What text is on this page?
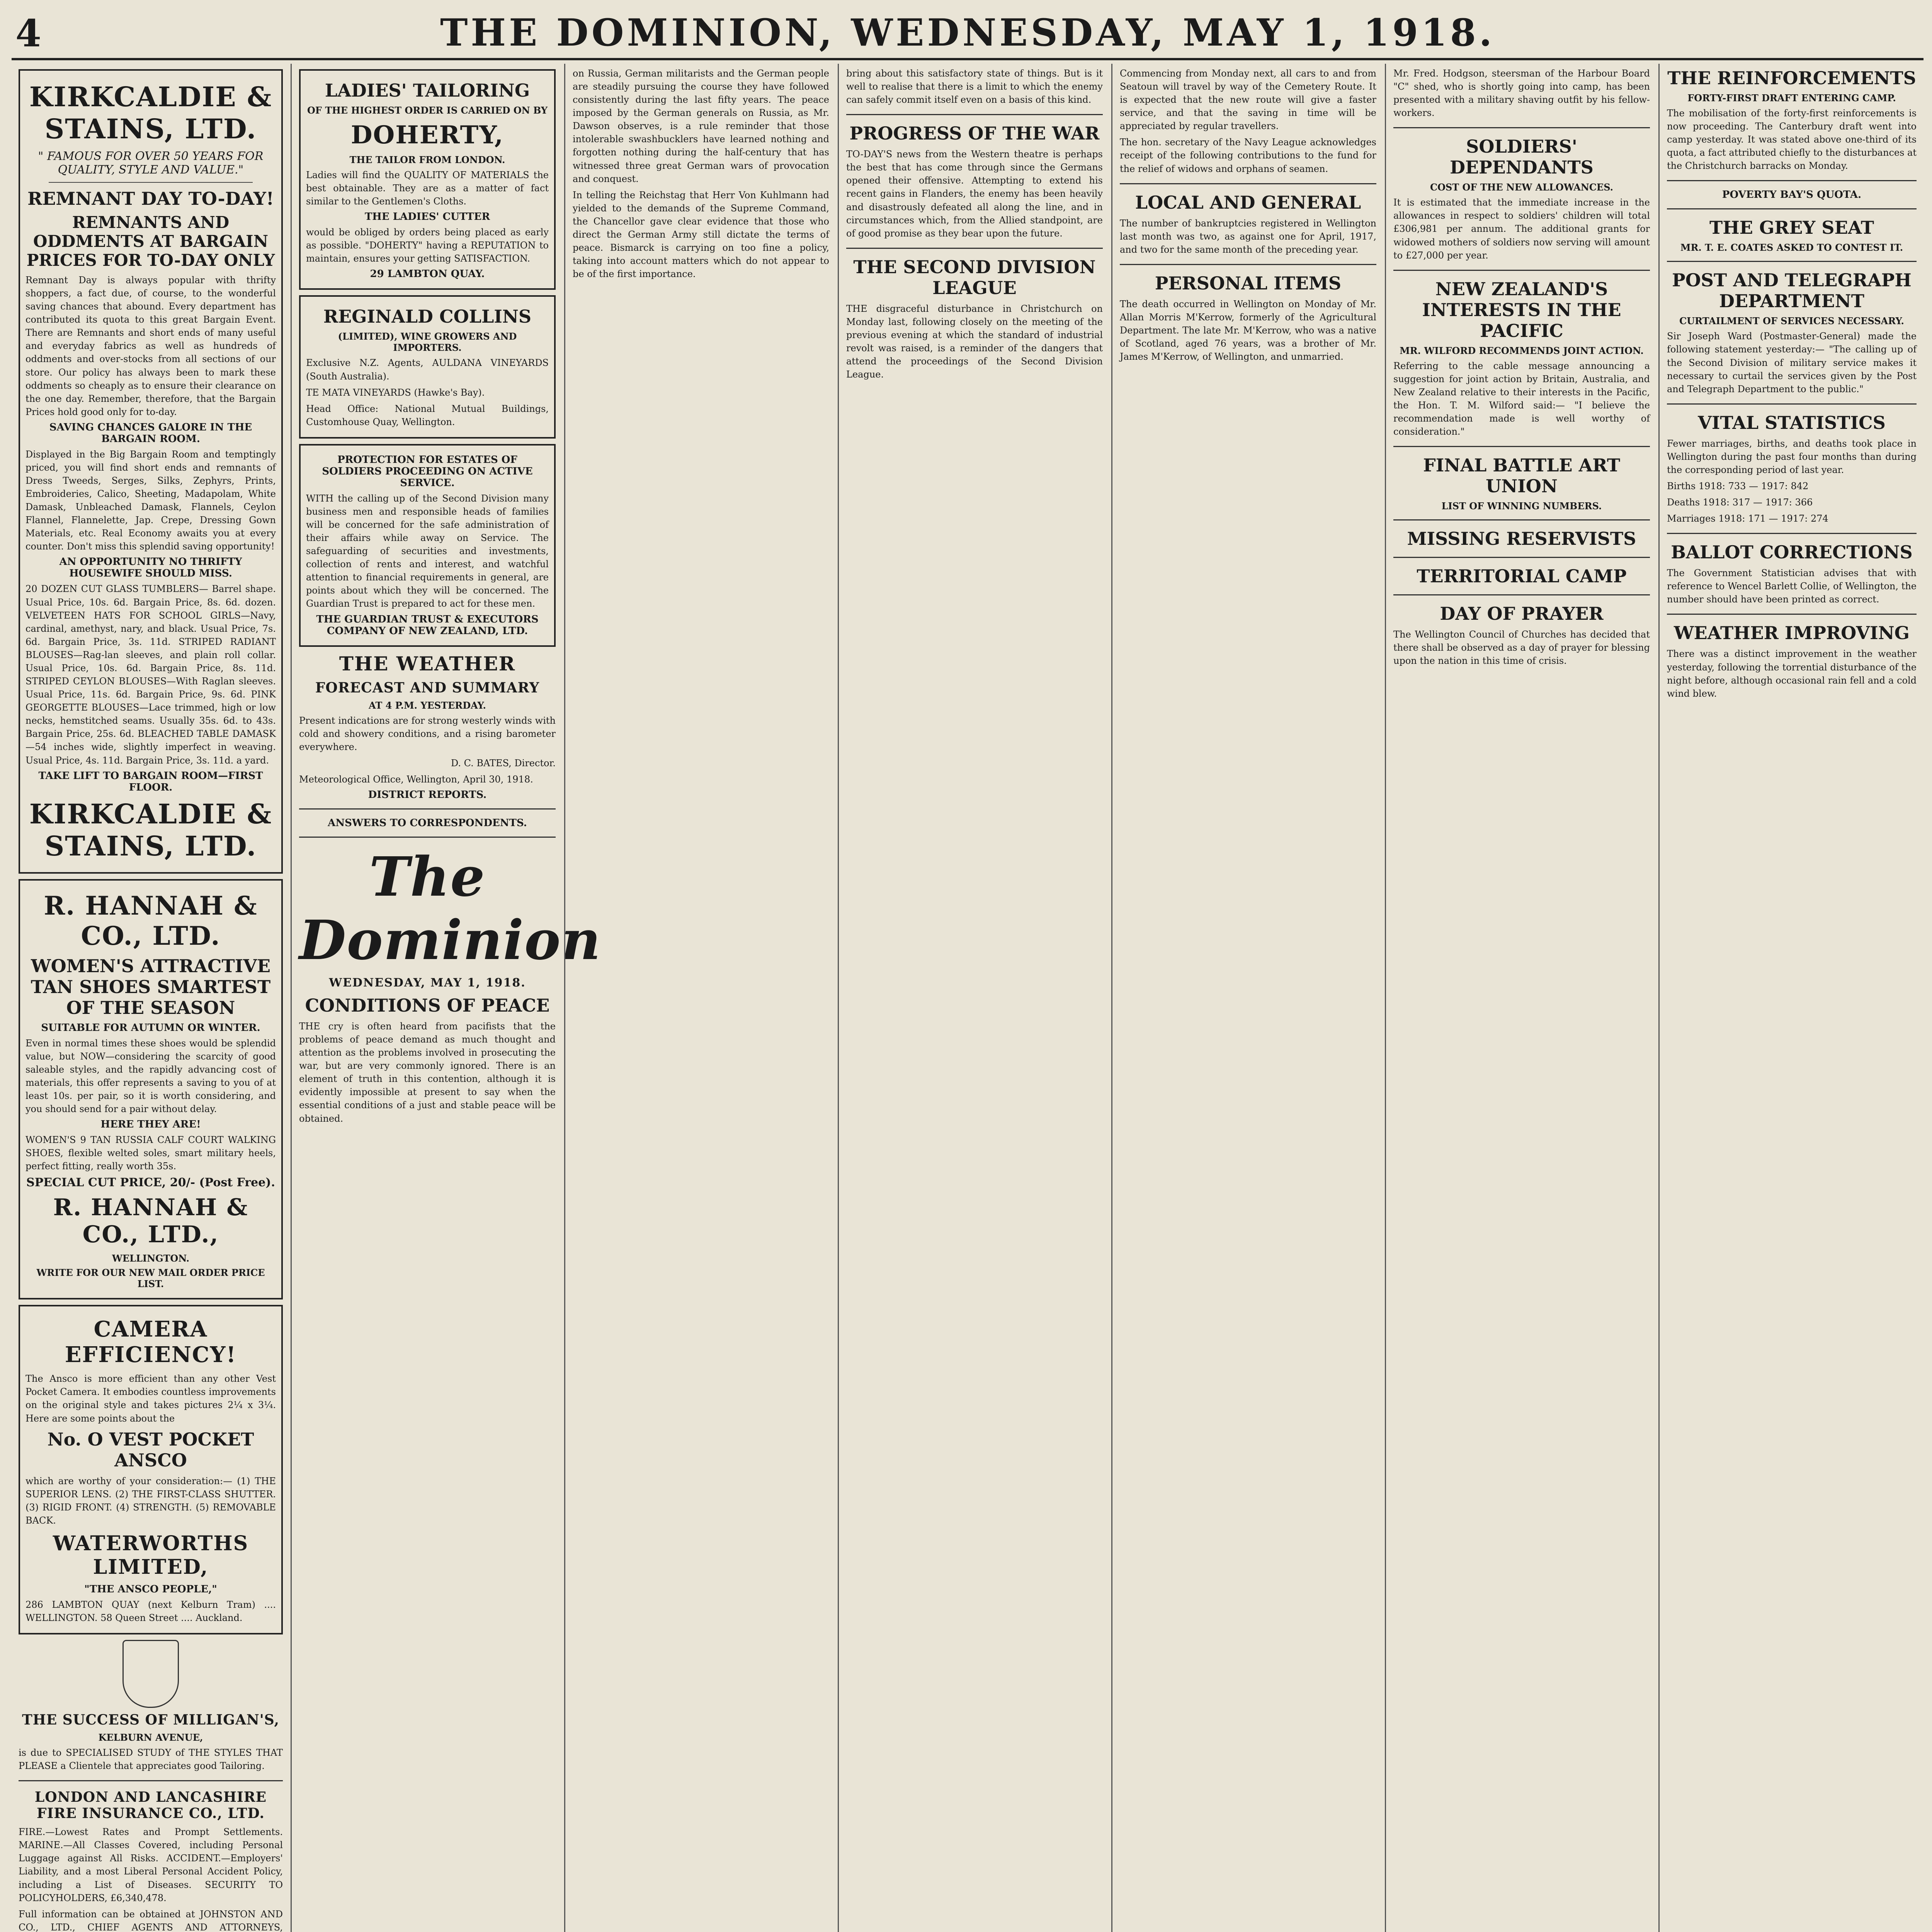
4	THE DOMINION, WEDNESDAY, MAY 1, 1918.
KIRKCALDIE & STAINS, LTD.
" FAMOUS FOR OVER 50 YEARS FOR QUALITY, STYLE AND VALUE."
REMNANT DAY TO-DAY!
REMNANTS AND ODDMENTS AT BARGAIN PRICES FOR TO-DAY ONLY
Remnant Day is always popular with thrifty shoppers, a fact due, of course, to the wonderful saving chances that abound. Every department has contributed its quota to this great Bargain Event. There are Remnants and short ends of many useful and everyday fabrics as well as hundreds of oddments and over-stocks from all sections of our store. Our policy has always been to mark these oddments so cheaply as to ensure their clearance on the one day. Remember, therefore, that the Bargain Prices hold good only for to-day.
SAVING CHANCES GALORE IN THE BARGAIN ROOM.
Displayed in the Big Bargain Room and temptingly priced, you will find short ends and remnants of Dress Tweeds, Serges, Silks, Zephyrs, Prints, Embroideries, Calico, Sheeting, Madapolam, White Damask, Unbleached Damask, Flannels, Ceylon Flannel, Flannelette, Jap. Crepe, Dressing Gown Materials, etc. Real Economy awaits you at every counter. Don't miss this splendid saving opportunity!
AN OPPORTUNITY NO THRIFTY HOUSEWIFE SHOULD MISS.
20 DOZEN CUT GLASS TUMBLERS— Barrel shape. Usual Price, 10s. 6d. Bargain Price, 8s. 6d. dozen. VELVETEEN HATS FOR SCHOOL GIRLS—Navy, cardinal, amethyst, nary, and black. Usual Price, 7s. 6d. Bargain Price, 3s. 11d. STRIPED RADIANT BLOUSES—Rag-lan sleeves, and plain roll collar. Usual Price, 10s. 6d. Bargain Price, 8s. 11d. STRIPED CEYLON BLOUSES—With Raglan sleeves. Usual Price, 11s. 6d. Bargain Price, 9s. 6d. PINK GEORGETTE BLOUSES—Lace trimmed, high or low necks, hemstitched seams. Usually 35s. 6d. to 43s. Bargain Price, 25s. 6d. BLEACHED TABLE DAMASK—54 inches wide, slightly imperfect in weaving. Usual Price, 4s. 11d. Bargain Price, 3s. 11d. a yard.
TAKE LIFT TO BARGAIN ROOM—FIRST FLOOR.
KIRKCALDIE & STAINS, LTD.
R. HANNAH & CO., LTD.
WOMEN'S ATTRACTIVE TAN SHOES SMARTEST OF THE SEASON
SUITABLE FOR AUTUMN OR WINTER.
Even in normal times these shoes would be splendid value, but NOW—considering the scarcity of good saleable styles, and the rapidly advancing cost of materials, this offer represents a saving to you of at least 10s. per pair, so it is worth considering, and you should send for a pair without delay.
HERE THEY ARE!
WOMEN'S 9 TAN RUSSIA CALF COURT WALKING SHOES, flexible welted soles, smart military heels, perfect fitting, really worth 35s.
SPECIAL CUT PRICE, 20/- (Post Free).
R. HANNAH & CO., LTD.,
WELLINGTON.
WRITE FOR OUR NEW MAIL ORDER PRICE LIST.
CAMERA EFFICIENCY!
The Ansco is more efficient than any other Vest Pocket Camera. It embodies countless improvements on the original style and takes pictures 2¼ x 3¼. Here are some points about the
No. O VEST POCKET ANSCO
which are worthy of your consideration:— (1) THE SUPERIOR LENS. (2) THE FIRST-CLASS SHUTTER. (3) RIGID FRONT. (4) STRENGTH. (5) REMOVABLE BACK.
WATERWORTHS LIMITED,
"THE ANSCO PEOPLE,"
286 LAMBTON QUAY (next Kelburn Tram) .... WELLINGTON. 58 Queen Street .... Auckland.
THE SUCCESS OF MILLIGAN'S,
KELBURN AVENUE,
is due to SPECIALISED STUDY of THE STYLES THAT PLEASE a Clientele that appreciates good Tailoring.
LONDON AND LANCASHIRE FIRE INSURANCE CO., LTD.
FIRE.—Lowest Rates and Prompt Settlements. MARINE.—All Classes Covered, including Personal Luggage against All Risks. ACCIDENT.—Employers' Liability, and a most Liberal Personal Accident Policy, including a List of Diseases. SECURITY TO POLICYHOLDERS, £6,340,478.
Full information can be obtained at JOHNSTON AND CO., LTD., CHIEF AGENTS AND ATTORNEYS,
LADIES' TAILORING
OF THE HIGHEST ORDER IS CARRIED ON BY
DOHERTY,
THE TAILOR FROM LONDON.
Ladies will find the QUALITY OF MATERIALS the best obtainable. They are as a matter of fact similar to the Gentlemen's Cloths.
THE LADIES' CUTTER
would be obliged by orders being placed as early as possible. "DOHERTY" having a REPUTATION to maintain, ensures your getting SATISFACTION.
29 LAMBTON QUAY.
REGINALD COLLINS
(LIMITED), WINE GROWERS AND IMPORTERS.
Exclusive N.Z. Agents, AULDANA VINEYARDS (South Australia).
TE MATA VINEYARDS (Hawke's Bay).
Head Office: National Mutual Buildings, Customhouse Quay, Wellington.
PROTECTION FOR ESTATES OF SOLDIERS PROCEEDING ON ACTIVE SERVICE.
WITH the calling up of the Second Division many business men and responsible heads of families will be concerned for the safe administration of their affairs while away on Service. The safeguarding of securities and investments, collection of rents and interest, and watchful attention to financial requirements in general, are points about which they will be concerned. The Guardian Trust is prepared to act for these men.
THE GUARDIAN TRUST & EXECUTORS COMPANY OF NEW ZEALAND, LTD.
THE WEATHER
FORECAST AND SUMMARY
AT 4 P.M. YESTERDAY.
Present indications are for strong westerly winds with cold and showery conditions, and a rising barometer everywhere.
D. C. BATES, Director.
Meteorological Office, Wellington, April 30, 1918.
DISTRICT REPORTS.
ANSWERS TO CORRESPONDENTS.
The Dominion
WEDNESDAY, MAY 1, 1918.
CONDITIONS OF PEACE
THE cry is often heard from pacifists that the problems of peace demand as much thought and attention as the problems involved in prosecuting the war, but are very commonly ignored. There is an element of truth in this contention, although it is evidently impossible at present to say when the essential conditions of a just and stable peace will be obtained.
on Russia, German militarists and the German people are steadily pursuing the course they have followed consistently during the last fifty years. The peace imposed by the German generals on Russia, as Mr. Dawson observes, is a rule reminder that those intolerable swashbucklers have learned nothing and forgotten nothing during the half-century that has witnessed three great German wars of provocation and conquest.
In telling the Reichstag that Herr Von Kuhlmann had yielded to the demands of the Supreme Command, the Chancellor gave clear evidence that those who direct the German Army still dictate the terms of peace. Bismarck is carrying on too fine a policy, taking into account matters which do not appear to be of the first importance.
bring about this satisfactory state of things. But is it well to realise that there is a limit to which the enemy can safely commit itself even on a basis of this kind.
PROGRESS OF THE WAR
TO-DAY'S news from the Western theatre is perhaps the best that has come through since the Germans opened their offensive. Attempting to extend his recent gains in Flanders, the enemy has been heavily and disastrously defeated all along the line, and in circumstances which, from the Allied standpoint, are of good promise as they bear upon the future.
THE SECOND DIVISION LEAGUE
THE disgraceful disturbance in Christchurch on Monday last, following closely on the meeting of the previous evening at which the standard of industrial revolt was raised, is a reminder of the dangers that attend the proceedings of the Second Division League.
Commencing from Monday next, all cars to and from Seatoun will travel by way of the Cemetery Route. It is expected that the new route will give a faster service, and that the saving in time will be appreciated by regular travellers.
The hon. secretary of the Navy League acknowledges receipt of the following contributions to the fund for the relief of widows and orphans of seamen.
LOCAL AND GENERAL
The number of bankruptcies registered in Wellington last month was two, as against one for April, 1917, and two for the same month of the preceding year.
PERSONAL ITEMS
The death occurred in Wellington on Monday of Mr. Allan Morris M'Kerrow, formerly of the Agricultural Department. The late Mr. M'Kerrow, who was a native of Scotland, aged 76 years, was a brother of Mr. James M'Kerrow, of Wellington, and unmarried.
Mr. Fred. Hodgson, steersman of the Harbour Board "C" shed, who is shortly going into camp, has been presented with a military shaving outfit by his fellow-workers.
SOLDIERS' DEPENDANTS
COST OF THE NEW ALLOWANCES.
It is estimated that the immediate increase in the allowances in respect to soldiers' children will total £306,981 per annum. The additional grants for widowed mothers of soldiers now serving will amount to £27,000 per year.
NEW ZEALAND'S INTERESTS IN THE PACIFIC
MR. WILFORD RECOMMENDS JOINT ACTION.
Referring to the cable message announcing a suggestion for joint action by Britain, Australia, and New Zealand relative to their interests in the Pacific, the Hon. T. M. Wilford said:— "I believe the recommendation made is well worthy of consideration."
FINAL BATTLE ART UNION
LIST OF WINNING NUMBERS.
MISSING RESERVISTS
TERRITORIAL CAMP
DAY OF PRAYER
The Wellington Council of Churches has decided that there shall be observed as a day of prayer for blessing upon the nation in this time of crisis.
THE REINFORCEMENTS
FORTY-FIRST DRAFT ENTERING CAMP.
The mobilisation of the forty-first reinforcements is now proceeding. The Canterbury draft went into camp yesterday. It was stated above one-third of its quota, a fact attributed chiefly to the disturbances at the Christchurch barracks on Monday.
POVERTY BAY'S QUOTA.
THE GREY SEAT
MR. T. E. COATES ASKED TO CONTEST IT.
POST AND TELEGRAPH DEPARTMENT
CURTAILMENT OF SERVICES NECESSARY.
Sir Joseph Ward (Postmaster-General) made the following statement yesterday:— "The calling up of the Second Division of military service makes it necessary to curtail the services given by the Post and Telegraph Department to the public."
VITAL STATISTICS
Fewer marriages, births, and deaths took place in Wellington during the past four months than during the corresponding period of last year.
Births 1918: 733 — 1917: 842
Deaths 1918: 317 — 1917: 366
Marriages 1918: 171 — 1917: 274
BALLOT CORRECTIONS
The Government Statistician advises that with reference to Wencel Barlett Collie, of Wellington, the number should have been printed as correct.
WEATHER IMPROVING
There was a distinct improvement in the weather yesterday, following the torrential disturbance of the night before, although occasional rain fell and a cold wind blew.
